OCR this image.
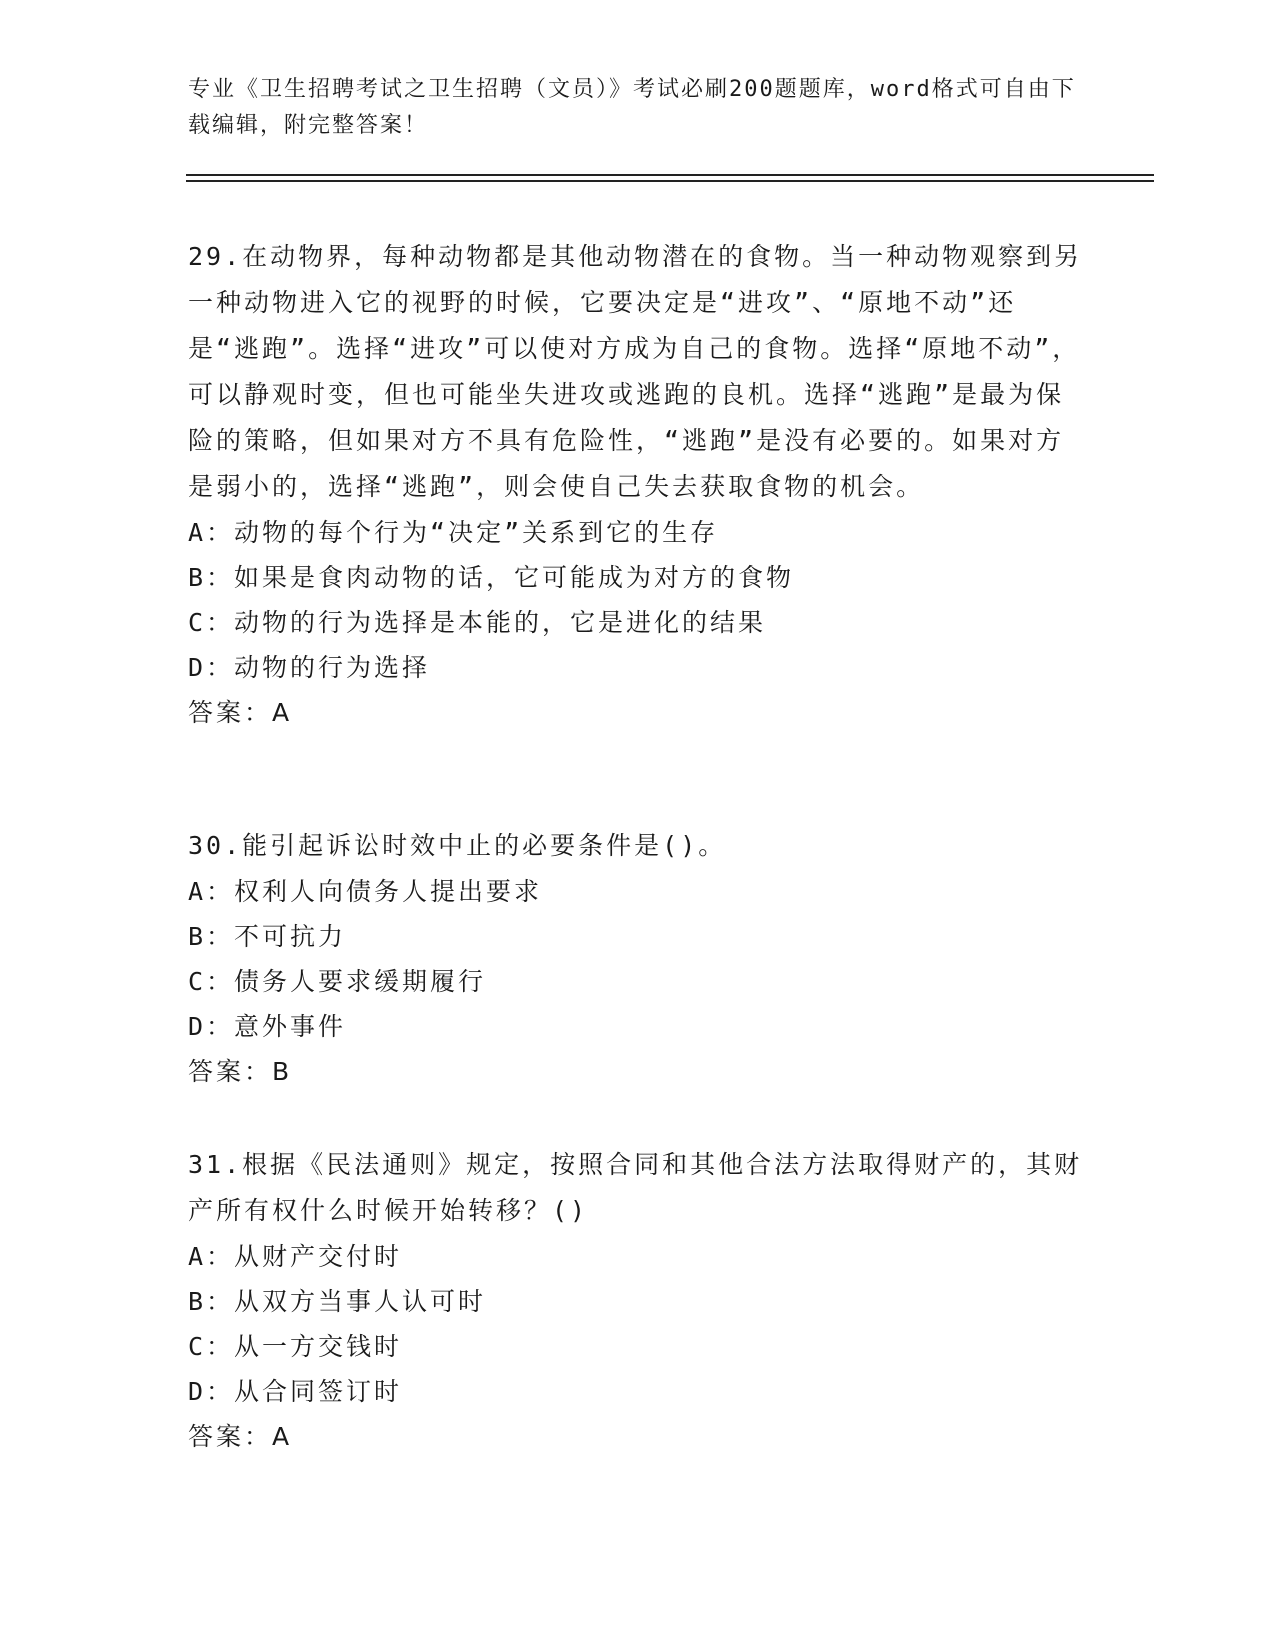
专业《卫生招聘考试之卫生招聘（文员）》考试必刷200题题库，word格式可自由下载编辑，附完整答案！
29.在动物界，每种动物都是其他动物潜在的食物。当一种动物观察到另一种动物进入它的视野的时候，它要决定是“进攻”、“原地不动”还是“逃跑”。选择“进攻”可以使对方成为自己的食物。选择“原地不动”，可以静观时变，但也可能坐失进攻或逃跑的良机。选择“逃跑”是最为保险的策略，但如果对方不具有危险性，“逃跑”是没有必要的。如果对方是弱小的，选择“逃跑”，则会使自己失去获取食物的机会。
A：动物的每个行为“决定”关系到它的生存
B：如果是食肉动物的话，它可能成为对方的食物
C：动物的行为选择是本能的，它是进化的结果
D：动物的行为选择
答案：A
30.能引起诉讼时效中止的必要条件是()。
A：权利人向债务人提出要求
B：不可抗力
C：债务人要求缓期履行
D：意外事件
答案：B
31.根据《民法通则》规定，按照合同和其他合法方法取得财产的，其财产所有权什么时候开始转移？()
A：从财产交付时
B：从双方当事人认可时
C：从一方交钱时
D：从合同签订时
答案：A
